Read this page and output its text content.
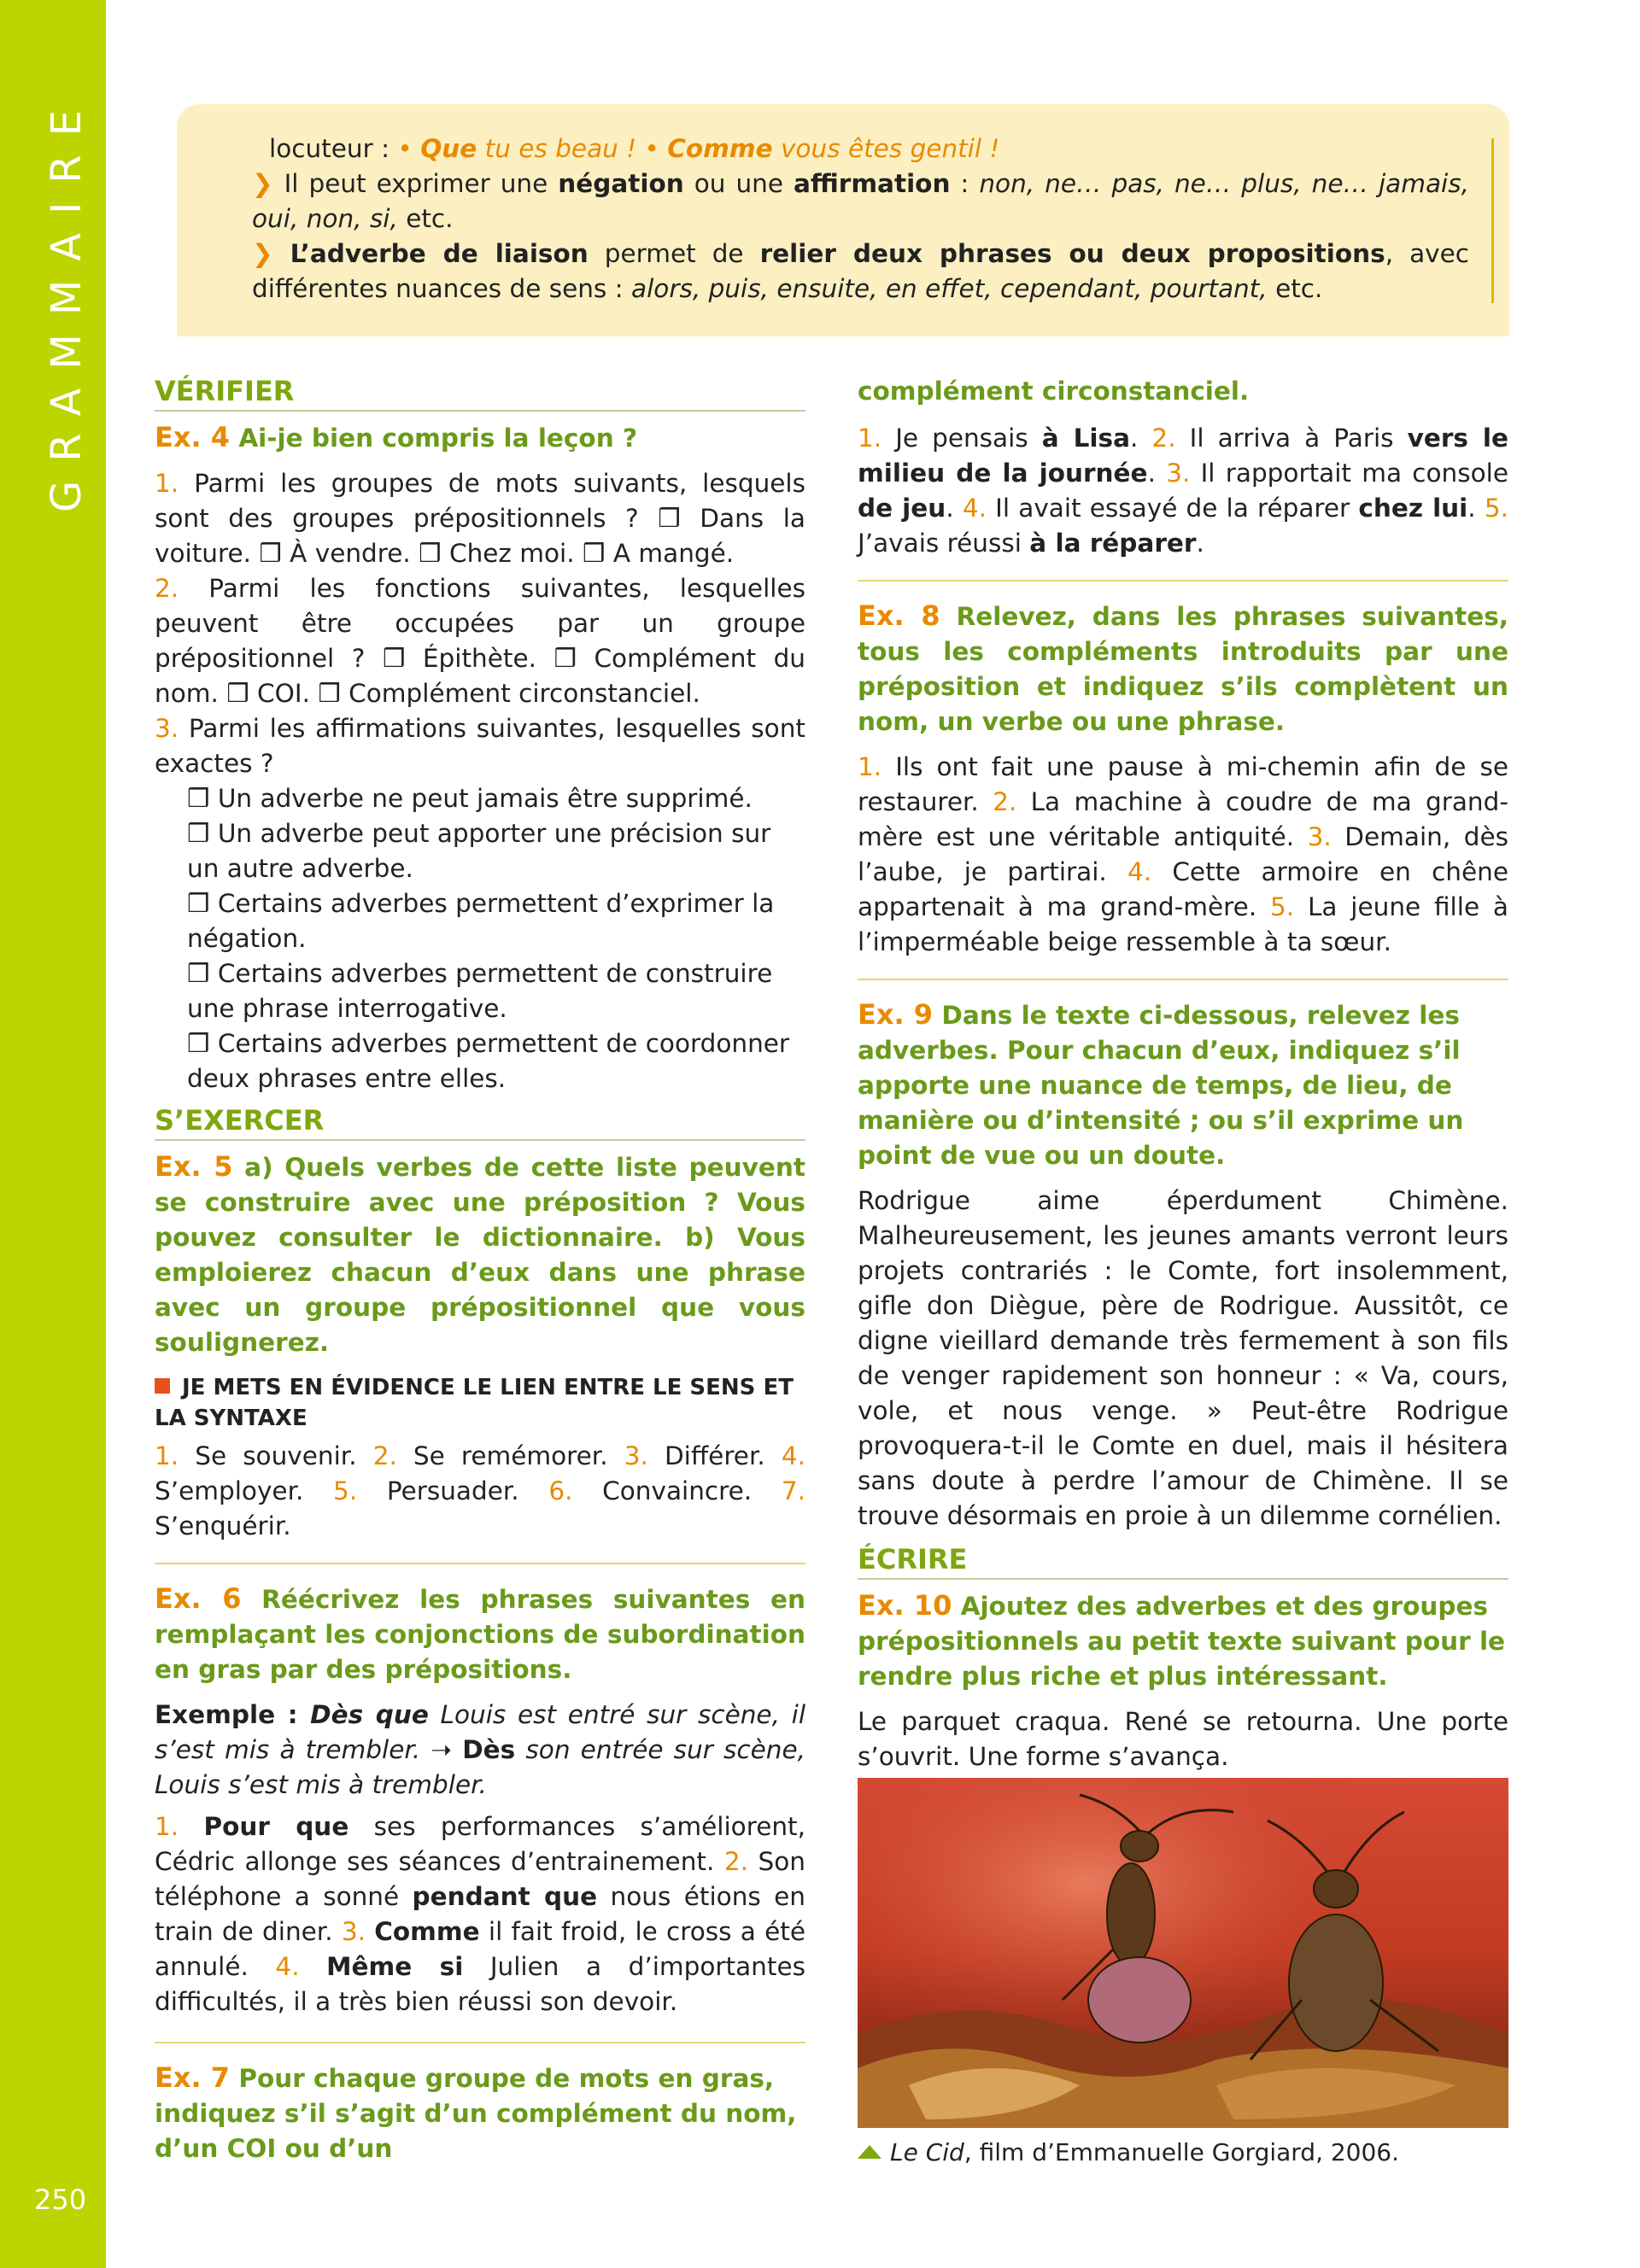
GRAMMAIRE
250

locuteur : • Que tu es beau ! • Comme vous êtes gentil !

❯ Il peut exprimer une négation ou une affirmation : non, ne… pas, ne… plus, ne… jamais, oui, non, si, etc.

❯ L’adverbe de liaison permet de relier deux phrases ou deux propositions, avec différentes nuances de sens : alors, puis, ensuite, en effet, cependant, pourtant, etc.

VÉRIFIER
Ex. 4 Ai-je bien compris la leçon ?

1. Parmi les groupes de mots suivants, lesquels sont des groupes prépositionnels ? ❒ Dans la voiture. ❒ À vendre. ❒ Chez moi. ❒ A mangé.

2. Parmi les fonctions suivantes, lesquelles peuvent être occupées par un groupe prépositionnel ? ❒ Épithète. ❒ Complément du nom. ❒ COI. ❒ Complément circonstanciel.

3. Parmi les affirmations suivantes, lesquelles sont exactes ?

❒ Un adverbe ne peut jamais être supprimé.

❒ Un adverbe peut apporter une précision sur un autre adverbe.

❒ Certains adverbes permettent d’exprimer la négation.

❒ Certains adverbes permettent de construire une phrase interrogative.

❒ Certains adverbes permettent de coordonner deux phrases entre elles.

S’EXERCER
Ex. 5 a) Quels verbes de cette liste peuvent se construire avec une préposition ? Vous pouvez consulter le dictionnaire. b) Vous emploierez chacun d’eux dans une phrase avec un groupe prépositionnel que vous soulignerez.
JE METS EN ÉVIDENCE LE LIEN ENTRE LE SENS ET LA SYNTAXE

1. Se souvenir. 2. Se remémorer. 3. Différer. 4. S’employer. 5. Persuader. 6. Convaincre. 7. S’enquérir.

Ex. 6 Réécrivez les phrases suivantes en remplaçant les conjonctions de subordination en gras par des prépositions.

Exemple : Dès que Louis est entré sur scène, il s’est mis à trembler. ➝ Dès son entrée sur scène, Louis s’est mis à trembler.

1. Pour que ses performances s’améliorent, Cédric allonge ses séances d’entrainement. 2. Son téléphone a sonné pendant que nous étions en train de diner. 3. Comme il fait froid, le cross a été annulé. 4. Même si Julien a d’importantes difficultés, il a très bien réussi son devoir.

Ex. 7 Pour chaque groupe de mots en gras, indiquez s’il s’agit d’un complément du nom, d’un COI ou d’un
complément circonstanciel.

1. Je pensais à Lisa. 2. Il arriva à Paris vers le milieu de la journée. 3. Il rapportait ma console de jeu. 4. Il avait essayé de la réparer chez lui. 5. J’avais réussi à la réparer.

Ex. 8 Relevez, dans les phrases suivantes, tous les compléments introduits par une préposition et indiquez s’ils complètent un nom, un verbe ou une phrase.

1. Ils ont fait une pause à mi-chemin afin de se restaurer. 2. La machine à coudre de ma grand-mère est une véritable antiquité. 3. Demain, dès l’aube, je partirai. 4. Cette armoire en chêne appartenait à ma grand-mère. 5. La jeune fille à l’imperméable beige ressemble à ta sœur.

Ex. 9 Dans le texte ci-dessous, relevez les adverbes. Pour chacun d’eux, indiquez s’il apporte une nuance de temps, de lieu, de manière ou d’intensité ; ou s’il exprime un point de vue ou un doute.

Rodrigue aime éperdument Chimène. Malheureusement, les jeunes amants verront leurs projets contrariés : le Comte, fort insolemment, gifle don Diègue, père de Rodrigue. Aussitôt, ce digne vieillard demande très fermement à son fils de venger rapidement son honneur : « Va, cours, vole, et nous venge. » Peut-être Rodrigue provoquera-t-il le Comte en duel, mais il hésitera sans doute à perdre l’amour de Chimène. Il se trouve désormais en proie à un dilemme cornélien.

ÉCRIRE
Ex. 10 Ajoutez des adverbes et des groupes prépositionnels au petit texte suivant pour le rendre plus riche et plus intéressant.

Le parquet craqua. René se retourna. Une porte s’ouvrit. Une forme s’avança.

Le Cid, film d’Emmanuelle Gorgiard, 2006.
